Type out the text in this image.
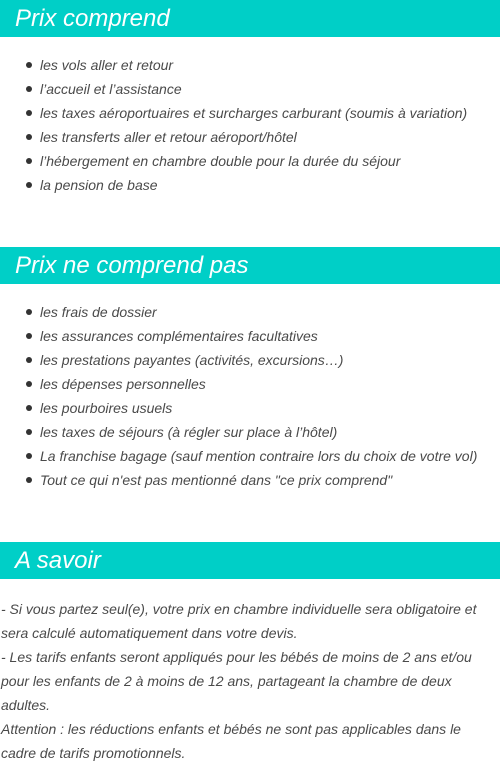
Prix comprend
les vols aller et retour
l’accueil et l’assistance
les taxes aéroportuaires et surcharges carburant (soumis à variation)
les transferts aller et retour aéroport/hôtel
l’hébergement en chambre double pour la durée du séjour
la pension de base
Prix ne comprend pas
les frais de dossier
les assurances complémentaires facultatives
les prestations payantes (activités, excursions…)
les dépenses personnelles
les pourboires usuels
les taxes de séjours (à régler sur place à l’hôtel)
La franchise bagage (sauf mention contraire lors du choix de votre vol)
Tout ce qui n'est pas mentionné dans "ce prix comprend"
A savoir

- Si vous partez seul(e), votre prix en chambre individuelle sera obligatoire et sera calculé automatiquement dans votre devis.

- Les tarifs enfants seront appliqués pour les bébés de moins de 2 ans et/ou pour les enfants de 2 à moins de 12 ans, partageant la chambre de deux adultes.

Attention : les réductions enfants et bébés ne sont pas applicables dans le cadre de tarifs promotionnels.
